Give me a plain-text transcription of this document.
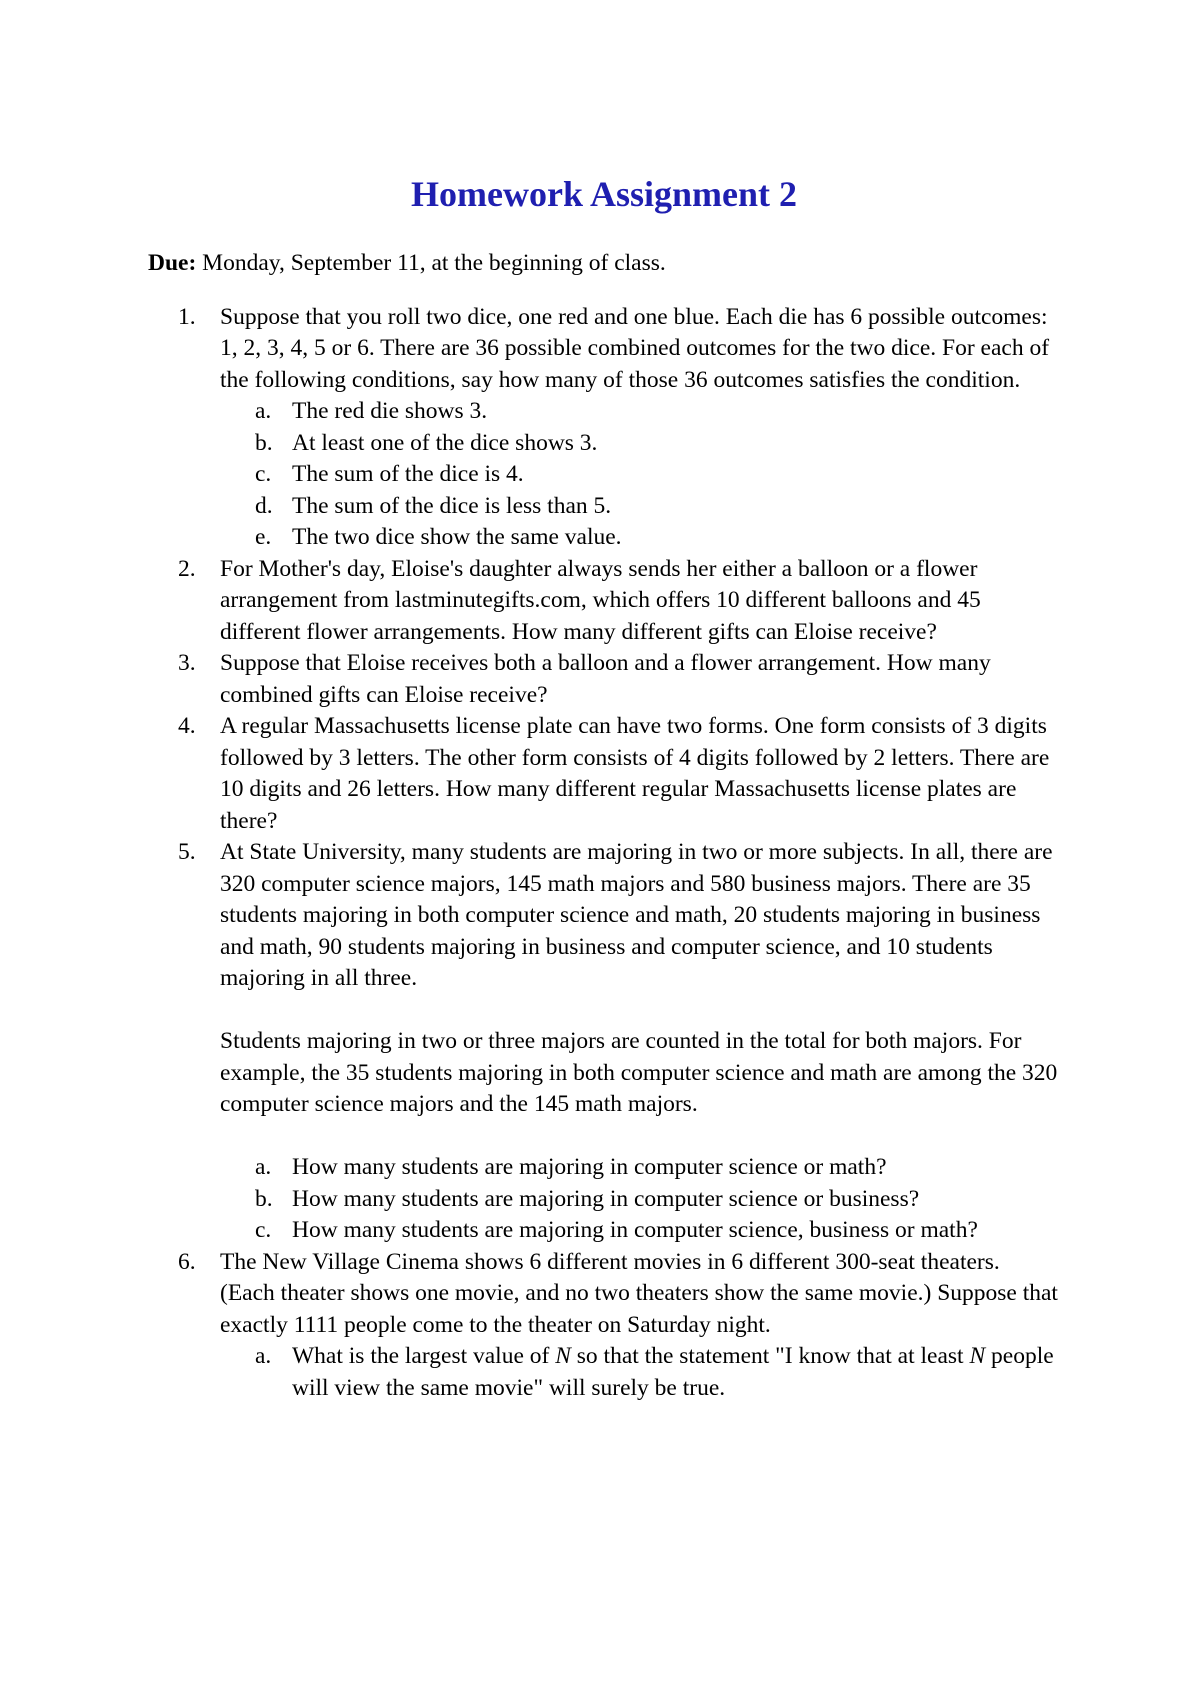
Homework Assignment 2
Due: Monday, September 11, at the beginning of class.
1.	Suppose that you roll two dice, one red and one blue. Each die has 6 possible outcomes: 1, 2, 3, 4, 5 or 6. There are 36 possible combined outcomes for the two dice. For each of the following conditions, say how many of those 36 outcomes satisfies the condition.
a. The red die shows 3.
b. At least one of the dice shows 3.
c. The sum of the dice is 4.
d. The sum of the dice is less than 5.
e. The two dice show the same value.
2.	For Mother's day, Eloise's daughter always sends her either a balloon or a flower arrangement from lastminutegifts.com, which offers 10 different balloons and 45 different flower arrangements. How many different gifts can Eloise receive?
3.	Suppose that Eloise receives both a balloon and a flower arrangement. How many combined gifts can Eloise receive?
4.	A regular Massachusetts license plate can have two forms. One form consists of 3 digits followed by 3 letters. The other form consists of 4 digits followed by 2 letters. There are 10 digits and 26 letters. How many different regular Massachusetts license plates are there?
5.	At State University, many students are majoring in two or more subjects. In all, there are 320 computer science majors, 145 math majors and 580 business majors. There are 35 students majoring in both computer science and math, 20 students majoring in business and math, 90 students majoring in business and computer science, and 10 students majoring in all three.
Students majoring in two or three majors are counted in the total for both majors. For example, the 35 students majoring in both computer science and math are among the 320 computer science majors and the 145 math majors.
a. How many students are majoring in computer science or math?
b. How many students are majoring in computer science or business?
c. How many students are majoring in computer science, business or math?
6.	The New Village Cinema shows 6 different movies in 6 different 300-seat theaters. (Each theater shows one movie, and no two theaters show the same movie.) Suppose that exactly 1111 people come to the theater on Saturday night.
a. What is the largest value of N so that the statement "I know that at least N people will view the same movie" will surely be true.
